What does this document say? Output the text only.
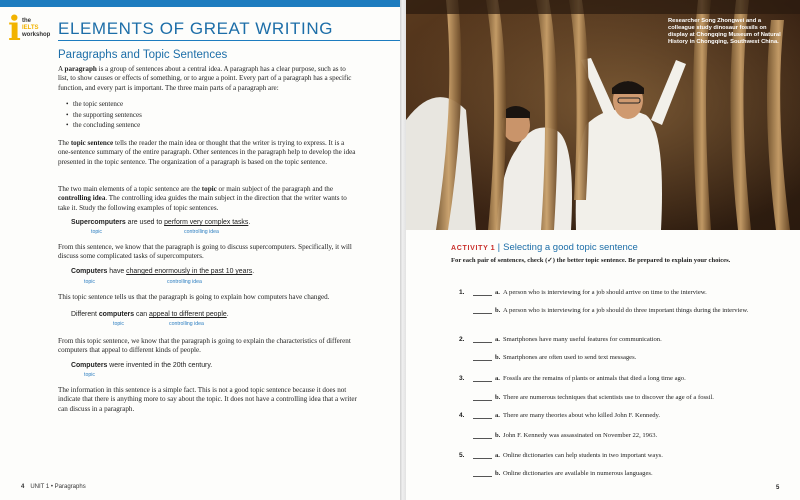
i the
IELTS
workshop ELEMENTS OF GREAT WRITING
Paragraphs and Topic Sentences

A paragraph is a group of sentences about a central idea. A paragraph has a clear purpose, such as to list, to show causes or effects of something, or to argue a point. Every part of a paragraph has a specific function, and every part is important. The three main parts of a paragraph are:

• the topic sentence
• the supporting sentences
• the concluding sentence

The topic sentence tells the reader the main idea or thought that the writer is trying to express. It is a one-sentence summary of the entire paragraph. Other sentences in the paragraph help to develop the idea presented in the topic sentence. The organization of a paragraph is based on the topic sentence.

The two main elements of a topic sentence are the topic or main subject of the paragraph and the controlling idea. The controlling idea guides the main subject in the direction that the writer wants to take it. Study the following examples of topic sentences.

Supercomputers are used to perform very complex tasks.
topic	controlling idea

From this sentence, we know that the paragraph is going to discuss supercomputers. Specifically, it will discuss some complicated tasks of supercomputers.

Computers have changed enormously in the past 10 years.
topic	controlling idea

This topic sentence tells us that the paragraph is going to explain how computers have changed.

Different computers can appeal to different people.
topic	controlling idea

From this topic sentence, we know that the paragraph is going to explain the characteristics of different computers that appeal to different kinds of people.

Computers were invented in the 20th century.
topic

The information in this sentence is a simple fact. This is not a good topic sentence because it does not indicate that there is anything more to say about the topic. It does not have a controlling idea that a writer can discuss in a paragraph.

4 UNIT 1 • Paragraphs
Researcher Song Zhongwei and a colleague study dinosaur fossils on display at Chongqing Museum of Natural History in Chongqing, Southwest China.
ACTIVITY 1 | Selecting a good topic sentence

For each pair of sentences, check (✓) the better topic sentence. Be prepared to explain your choices.

1.	a. A person who is interviewing for a job should arrive on time to the interview.
b. A person who is interviewing for a job should do three important things during the interview.
2.	a. Smartphones have many useful features for communication.
b. Smartphones are often used to send text messages.
3.	a. Fossils are the remains of plants or animals that died a long time ago.
b. There are numerous techniques that scientists use to discover the age of a fossil.
4.	a. There are many theories about who killed John F. Kennedy.
b. John F. Kennedy was assassinated on November 22, 1963.
5.	a. Online dictionaries can help students in two important ways.
b. Online dictionaries are available in numerous languages.
5
